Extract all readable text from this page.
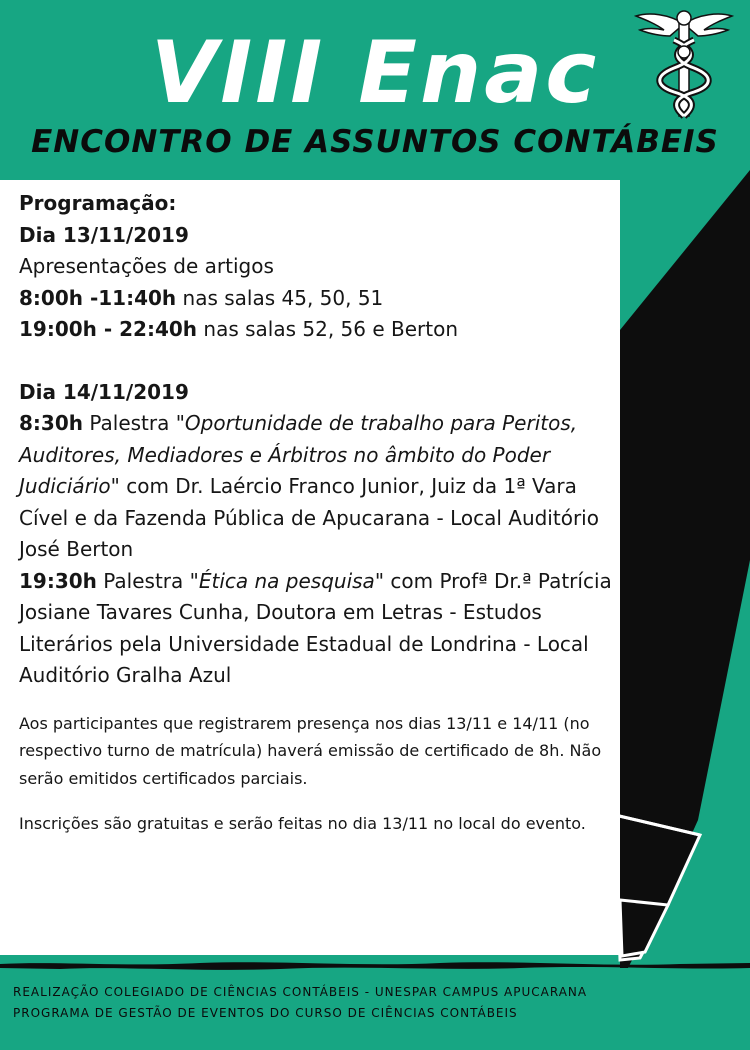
VIII Enac
ENCONTRO DE ASSUNTOS CONTÁBEIS
Programação:
Dia 13/11/2019
Apresentações de artigos
8:00h -11:40h nas salas 45, 50, 51
19:00h - 22:40h nas salas 52, 56 e Berton
Dia 14/11/2019
8:30h Palestra "Oportunidade de trabalho para Peritos, Auditores, Mediadores e Árbitros no âmbito do Poder Judiciário" com Dr. Laércio Franco Junior, Juiz da 1ª Vara Cível e da Fazenda Pública de Apucarana - Local Auditório José Berton
19:30h Palestra "Ética na pesquisa" com Profª Dr.ª Patrícia Josiane Tavares Cunha, Doutora em Letras - Estudos Literários pela Universidade Estadual de Londrina - Local Auditório Gralha Azul
Aos participantes que registrarem presença nos dias 13/11 e 14/11 (no respectivo turno de matrícula) haverá emissão de certificado de 8h. Não serão emitidos certificados parciais.
Inscrições são gratuitas e serão feitas no dia 13/11 no local do evento.
REALIZAÇÃO COLEGIADO DE CIÊNCIAS CONTÁBEIS - UNESPAR CAMPUS APUCARANA
PROGRAMA DE GESTÃO DE EVENTOS DO CURSO DE CIÊNCIAS CONTÁBEIS
